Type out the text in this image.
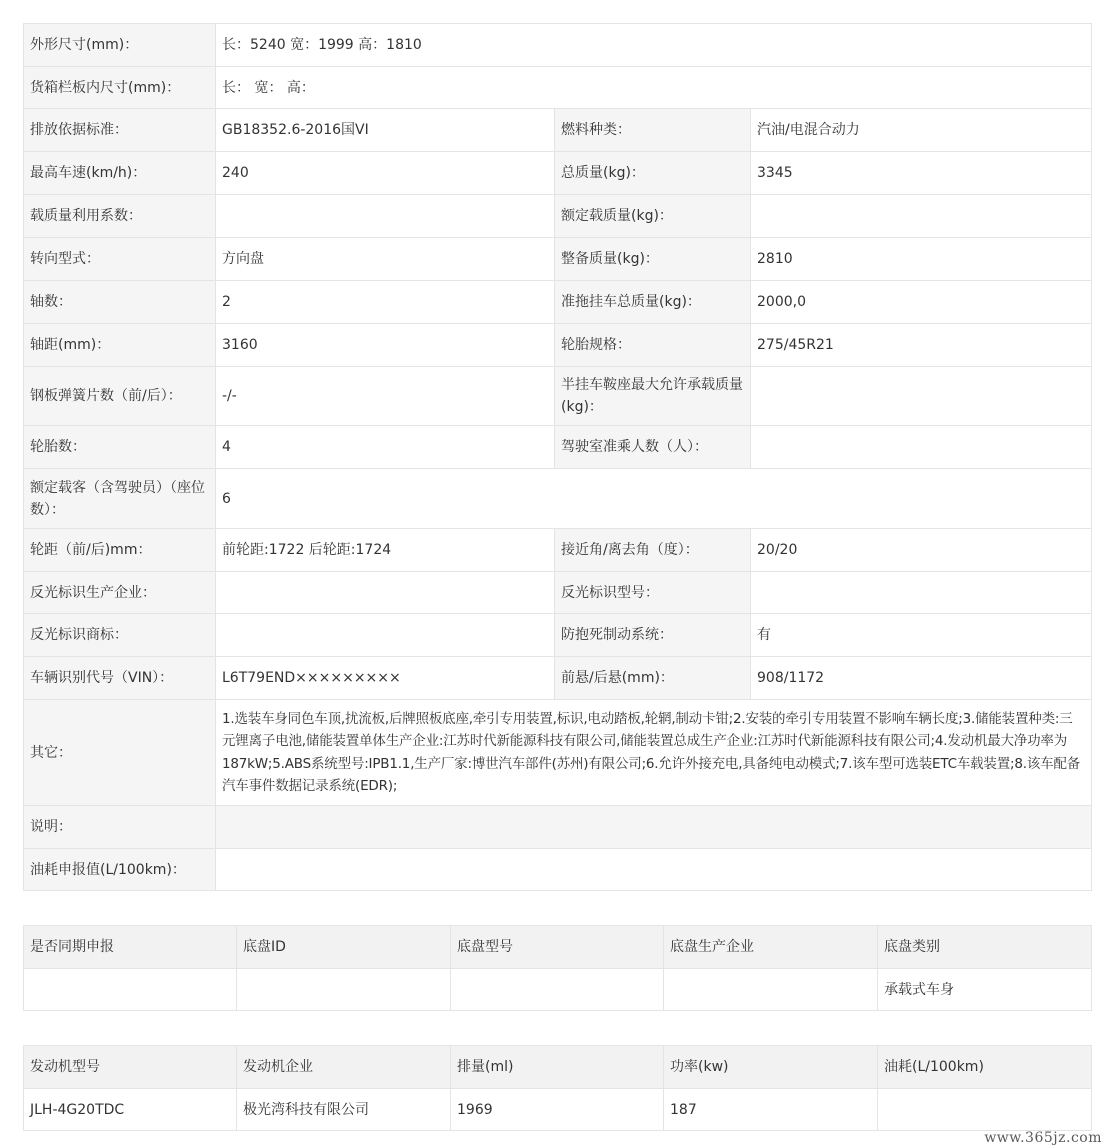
外形尺寸(mm)：	长：5240 宽：1999 高：1810		
货箱栏板内尺寸(mm)：	长： 宽： 高：		
排放依据标准：	GB18352.6-2016国VI	燃料种类：	汽油/电混合动力
最高车速(km/h)：	240	总质量(kg)：	3345
载质量利用系数：		额定载质量(kg)：	
转向型式：	方向盘	整备质量(kg)：	2810
轴数：	2	准拖挂车总质量(kg)：	2000,0
轴距(mm)：	3160	轮胎规格：	275/45R21
钢板弹簧片数（前/后）：	-/-	半挂车鞍座最大允许承载质量(kg)：	
轮胎数：	4	驾驶室准乘人数（人）：	
额定载客（含驾驶员）（座位数）：	6		
轮距（前/后)mm：	前轮距:1722 后轮距:1724	接近角/离去角（度）：	20/20
反光标识生产企业：		反光标识型号：	
反光标识商标：		防抱死制动系统：	有
车辆识别代号（VIN）：	L6T79END×××××××××	前悬/后悬(mm)：	908/1172
其它：	1.选装车身同色车顶,扰流板,后牌照板底座,牵引专用装置,标识,电动踏板,轮辋,制动卡钳;2.安装的牵引专用装置不影响车辆长度;3.储能装置种类:三元锂离子电池,储能装置单体生产企业:江苏时代新能源科技有限公司,储能装置总成生产企业:江苏时代新能源科技有限公司;4.发动机最大净功率为187kW;5.ABS系统型号:IPB1.1,生产厂家:博世汽车部件(苏州)有限公司;6.允许外接充电,具备纯电动模式;7.该车型可选装ETC车载装置;8.该车配备汽车事件数据记录系统(EDR);		
说明：			
油耗申报值(L/100km)：			
是否同期申报	底盘ID	底盘型号	底盘生产企业	底盘类别
				承载式车身
发动机型号	发动机企业	排量(ml)	功率(kw)	油耗(L/100km)
JLH-4G20TDC	极光湾科技有限公司	1969	187	
www.365jz.com
